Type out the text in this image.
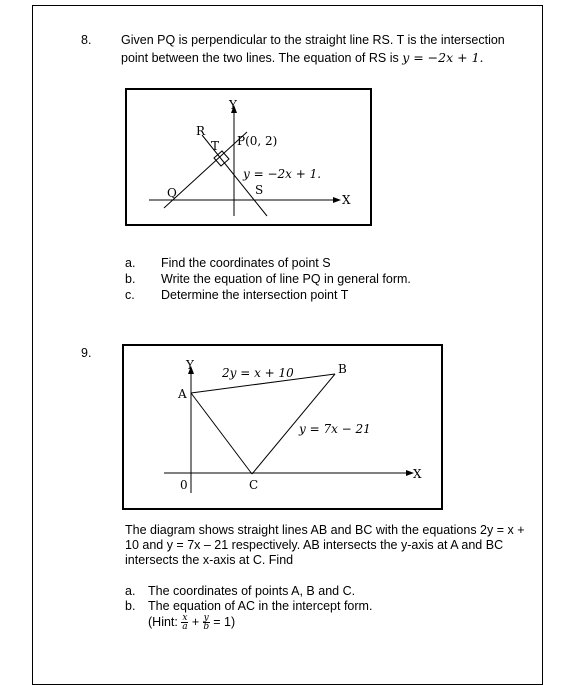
8. Given PQ is perpendicular to the straight line RS. T is the intersection
point between the two lines. The equation of RS is y = −2x + 1.
Y
X
R
T P(0, 2)
Q	S
y = −2x + 1.
a. Find the coordinates of point S
b. Write the equation of line PQ in general form.
c. Determine the intersection point T
9.
Y
X
A
B
C
0
2y = x + 10
y = 7x − 21
The diagram shows straight lines AB and BC with the equations 2y = x +
10 and y = 7x – 21 respectively. AB intersects the y-axis at A and BC
intersects the x-axis at C. Find
a. The coordinates of points A, B and C.
b. The equation of AC in the intercept form.
(Hint: $\frac{x}{a} + \frac{y}{b} = 1$)
